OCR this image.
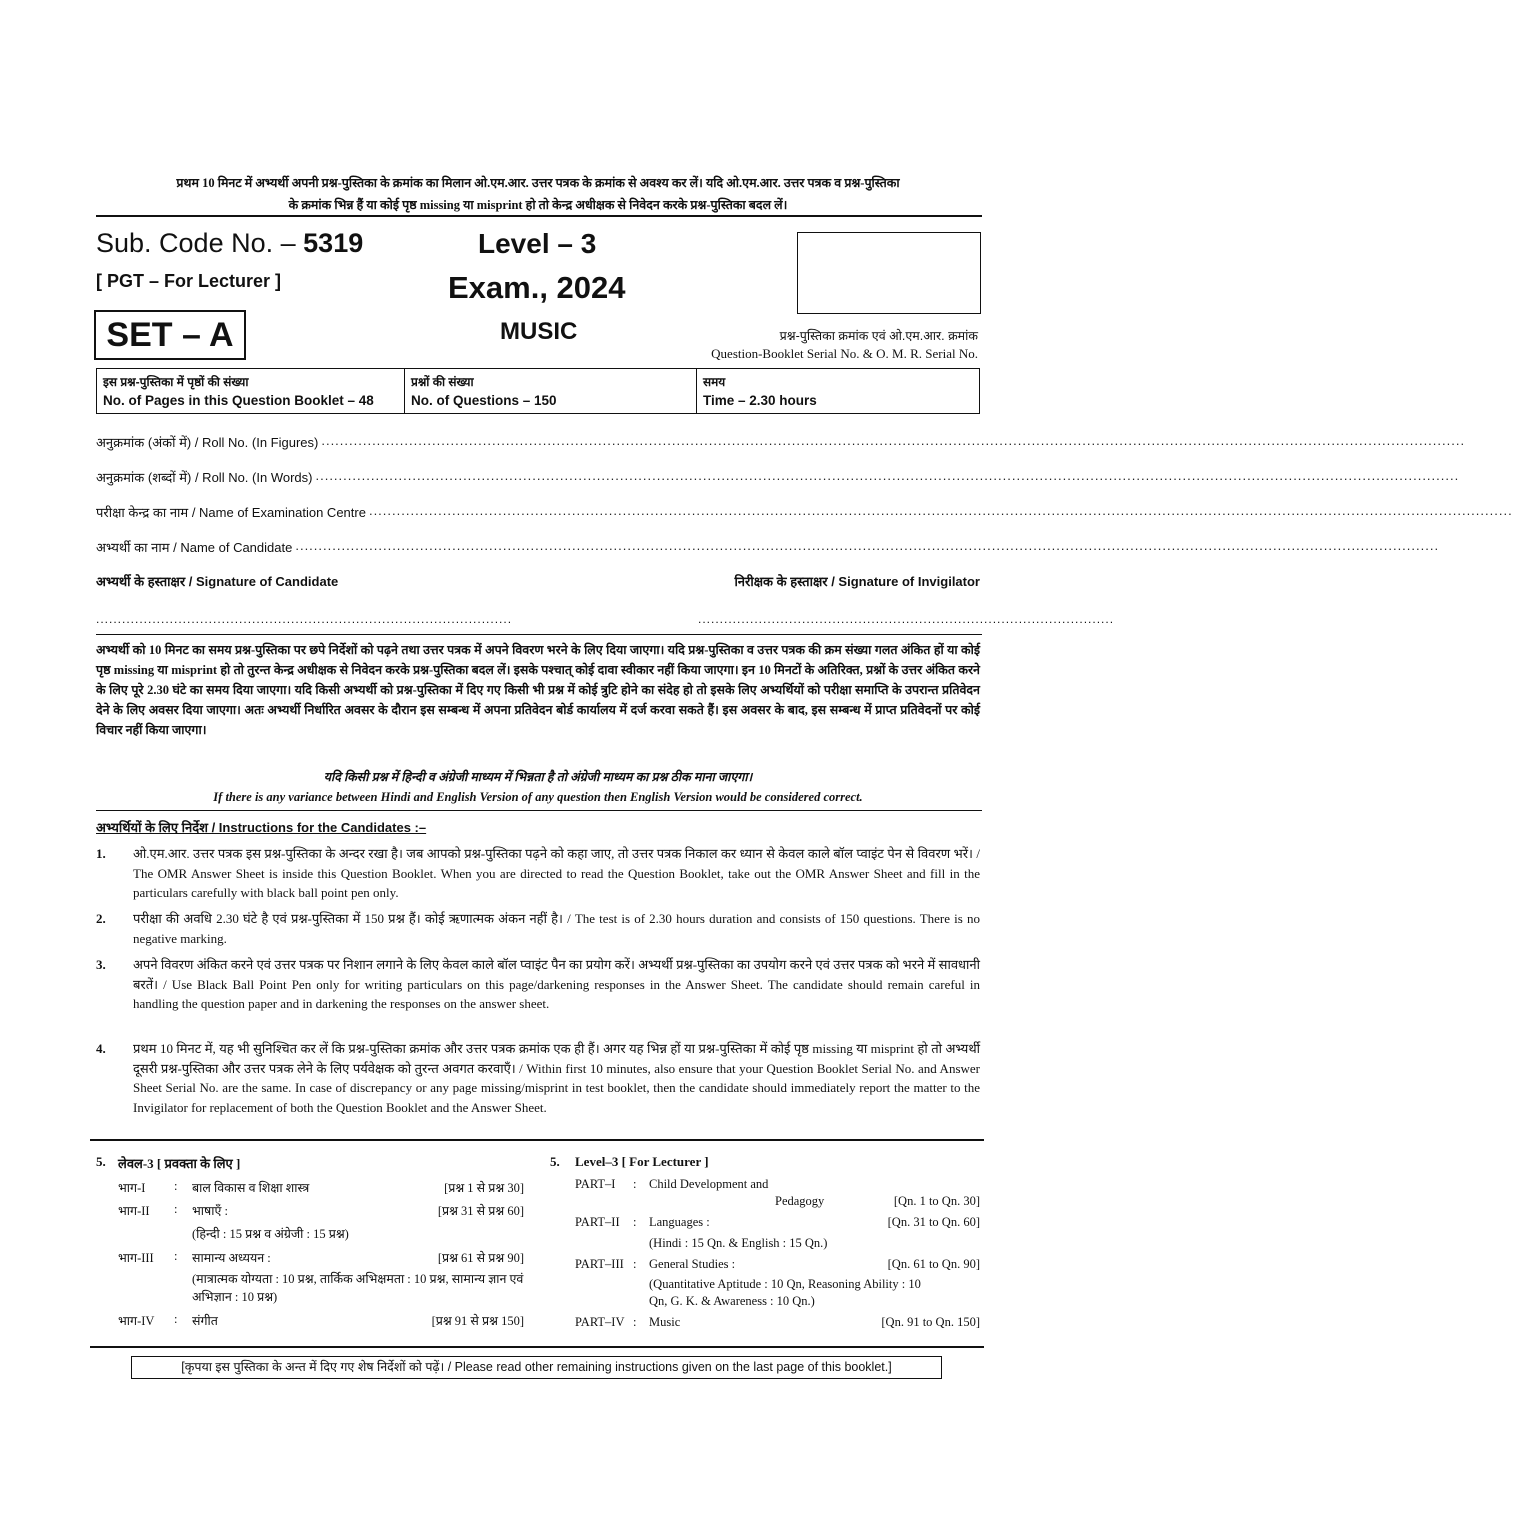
प्रथम 10 मिनट में अभ्यर्थी अपनी प्रश्न-पुस्तिका के क्रमांक का मिलान ओ.एम.आर. उत्तर पत्रक के क्रमांक से अवश्य कर लें। यदि ओ.एम.आर. उत्तर पत्रक व प्रश्न-पुस्तिका
के क्रमांक भिन्न हैं या कोई पृष्ठ missing या misprint हो तो केन्द्र अधीक्षक से निवेदन करके प्रश्न-पुस्तिका बदल लें।
Sub. Code No. – 5319
[ PGT – For Lecturer ]
Level – 3
Exam., 2024
SET – A	MUSIC	प्रश्न-पुस्तिका क्रमांक एवं ओ.एम.आर. क्रमांक
Question-Booklet Serial No. & O. M. R. Serial No.
इस प्रश्न-पुस्तिका में पृष्ठों की संख्या
No. of Pages in this Question Booklet – 48
प्रश्नों की संख्या
No. of Questions – 150
समय
Time – 2.30 hours
अनुक्रमांक (अंकों में) / Roll No. (In Figures) ........................................................................................................................................................................................................................................................
अनुक्रमांक (शब्दों में) / Roll No. (In Words) ........................................................................................................................................................................................................................................................
परीक्षा केन्द्र का नाम / Name of Examination Centre ........................................................................................................................................................................................................................................................
अभ्यर्थी का नाम / Name of Candidate ........................................................................................................................................................................................................................................................
अभ्यर्थी के हस्ताक्षर / Signature of Candidate	निरीक्षक के हस्ताक्षर / Signature of Invigilator
................................................................................................	................................................................................................
अभ्यर्थी को 10 मिनट का समय प्रश्न-पुस्तिका पर छपे निर्देशों को पढ़ने तथा उत्तर पत्रक में अपने विवरण भरने के लिए दिया जाएगा। यदि प्रश्न-पुस्तिका व उत्तर पत्रक की क्रम संख्या गलत अंकित हों या कोई पृष्ठ missing या misprint हो तो तुरन्त केन्द्र अधीक्षक से निवेदन करके प्रश्न-पुस्तिका बदल लें। इसके पश्चात् कोई दावा स्वीकार नहीं किया जाएगा। इन 10 मिनटों के अतिरिक्त, प्रश्नों के उत्तर अंकित करने के लिए पूरे 2.30 घंटे का समय दिया जाएगा। यदि किसी अभ्यर्थी को प्रश्न-पुस्तिका में दिए गए किसी भी प्रश्न में कोई त्रुटि होने का संदेह हो तो इसके लिए अभ्यर्थियों को परीक्षा समाप्ति के उपरान्त प्रतिवेदन देने के लिए अवसर दिया जाएगा। अतः अभ्यर्थी निर्धारित अवसर के दौरान इस सम्बन्ध में अपना प्रतिवेदन बोर्ड कार्यालय में दर्ज करवा सकते हैं। इस अवसर के बाद, इस सम्बन्ध में प्राप्त प्रतिवेदनों पर कोई विचार नहीं किया जाएगा।
यदि किसी प्रश्न में हिन्दी व अंग्रेजी माध्यम में भिन्नता है तो अंग्रेजी माध्यम का प्रश्न ठीक माना जाएगा।
If there is any variance between Hindi and English Version of any question then English Version would be considered correct.
अभ्यर्थियों के लिए निर्देश / Instructions for the Candidates :–
1.	ओ.एम.आर. उत्तर पत्रक इस प्रश्न-पुस्तिका के अन्दर रखा है। जब आपको प्रश्न-पुस्तिका पढ़ने को कहा जाए, तो उत्तर पत्रक निकाल कर ध्यान से केवल काले बॉल प्वाइंट पेन से विवरण भरें। / The OMR Answer Sheet is inside this Question Booklet. When you are directed to read the Question Booklet, take out the OMR Answer Sheet and fill in the particulars carefully with black ball point pen only.
2.	परीक्षा की अवधि 2.30 घंटे है एवं प्रश्न-पुस्तिका में 150 प्रश्न हैं। कोई ऋणात्मक अंकन नहीं है। / The test is of 2.30 hours duration and consists of 150 questions. There is no negative marking.
3.	अपने विवरण अंकित करने एवं उत्तर पत्रक पर निशान लगाने के लिए केवल काले बॉल प्वाइंट पैन का प्रयोग करें। अभ्यर्थी प्रश्न-पुस्तिका का उपयोग करने एवं उत्तर पत्रक को भरने में सावधानी बरतें। / Use Black Ball Point Pen only for writing particulars on this page/darkening responses in the Answer Sheet. The candidate should remain careful in handling the question paper and in darkening the responses on the answer sheet.
4.	प्रथम 10 मिनट में, यह भी सुनिश्चित कर लें कि प्रश्न-पुस्तिका क्रमांक और उत्तर पत्रक क्रमांक एक ही हैं। अगर यह भिन्न हों या प्रश्न-पुस्तिका में कोई पृष्ठ missing या misprint हो तो अभ्यर्थी दूसरी प्रश्न-पुस्तिका और उत्तर पत्रक लेने के लिए पर्यवेक्षक को तुरन्त अवगत करवाएँ। / Within first 10 minutes, also ensure that your Question Booklet Serial No. and Answer Sheet Serial No. are the same. In case of discrepancy or any page missing/misprint in test booklet, then the candidate should immediately report the matter to the Invigilator for replacement of both the Question Booklet and the Answer Sheet.
5. लेवल-3 [ प्रवक्ता के लिए ]
भाग-I	:	बाल विकास व शिक्षा शास्त्र	[प्रश्न 1 से प्रश्न 30]
भाग-II	:	भाषाएँ :	[प्रश्न 31 से प्रश्न 60]
(हिन्दी : 15 प्रश्न व अंग्रेजी : 15 प्रश्न)
भाग-III	:	सामान्य अध्ययन :	[प्रश्न 61 से प्रश्न 90]
(मात्रात्मक योग्यता : 10 प्रश्न, तार्किक अभिक्षमता : 10 प्रश्न, सामान्य ज्ञान एवं अभिज्ञान : 10 प्रश्न)
भाग-IV	:	संगीत	[प्रश्न 91 से प्रश्न 150]
5.	Level–3 [ For Lecturer ]
PART–I	:	Child Development and
Pedagogy	[Qn. 1 to Qn. 30]
PART–II	:	Languages :	[Qn. 31 to Qn. 60]
(Hindi : 15 Qn. & English : 15 Qn.)
PART–III :	General Studies :	[Qn. 61 to Qn. 90]
(Quantitative Aptitude : 10 Qn, Reasoning Ability : 10 Qn, G. K. & Awareness : 10 Qn.)
PART–IV :	Music	[Qn. 91 to Qn. 150]
[कृपया इस पुस्तिका के अन्त में दिए गए शेष निर्देशों को पढ़ें। / Please read other remaining instructions given on the last page of this booklet.]
